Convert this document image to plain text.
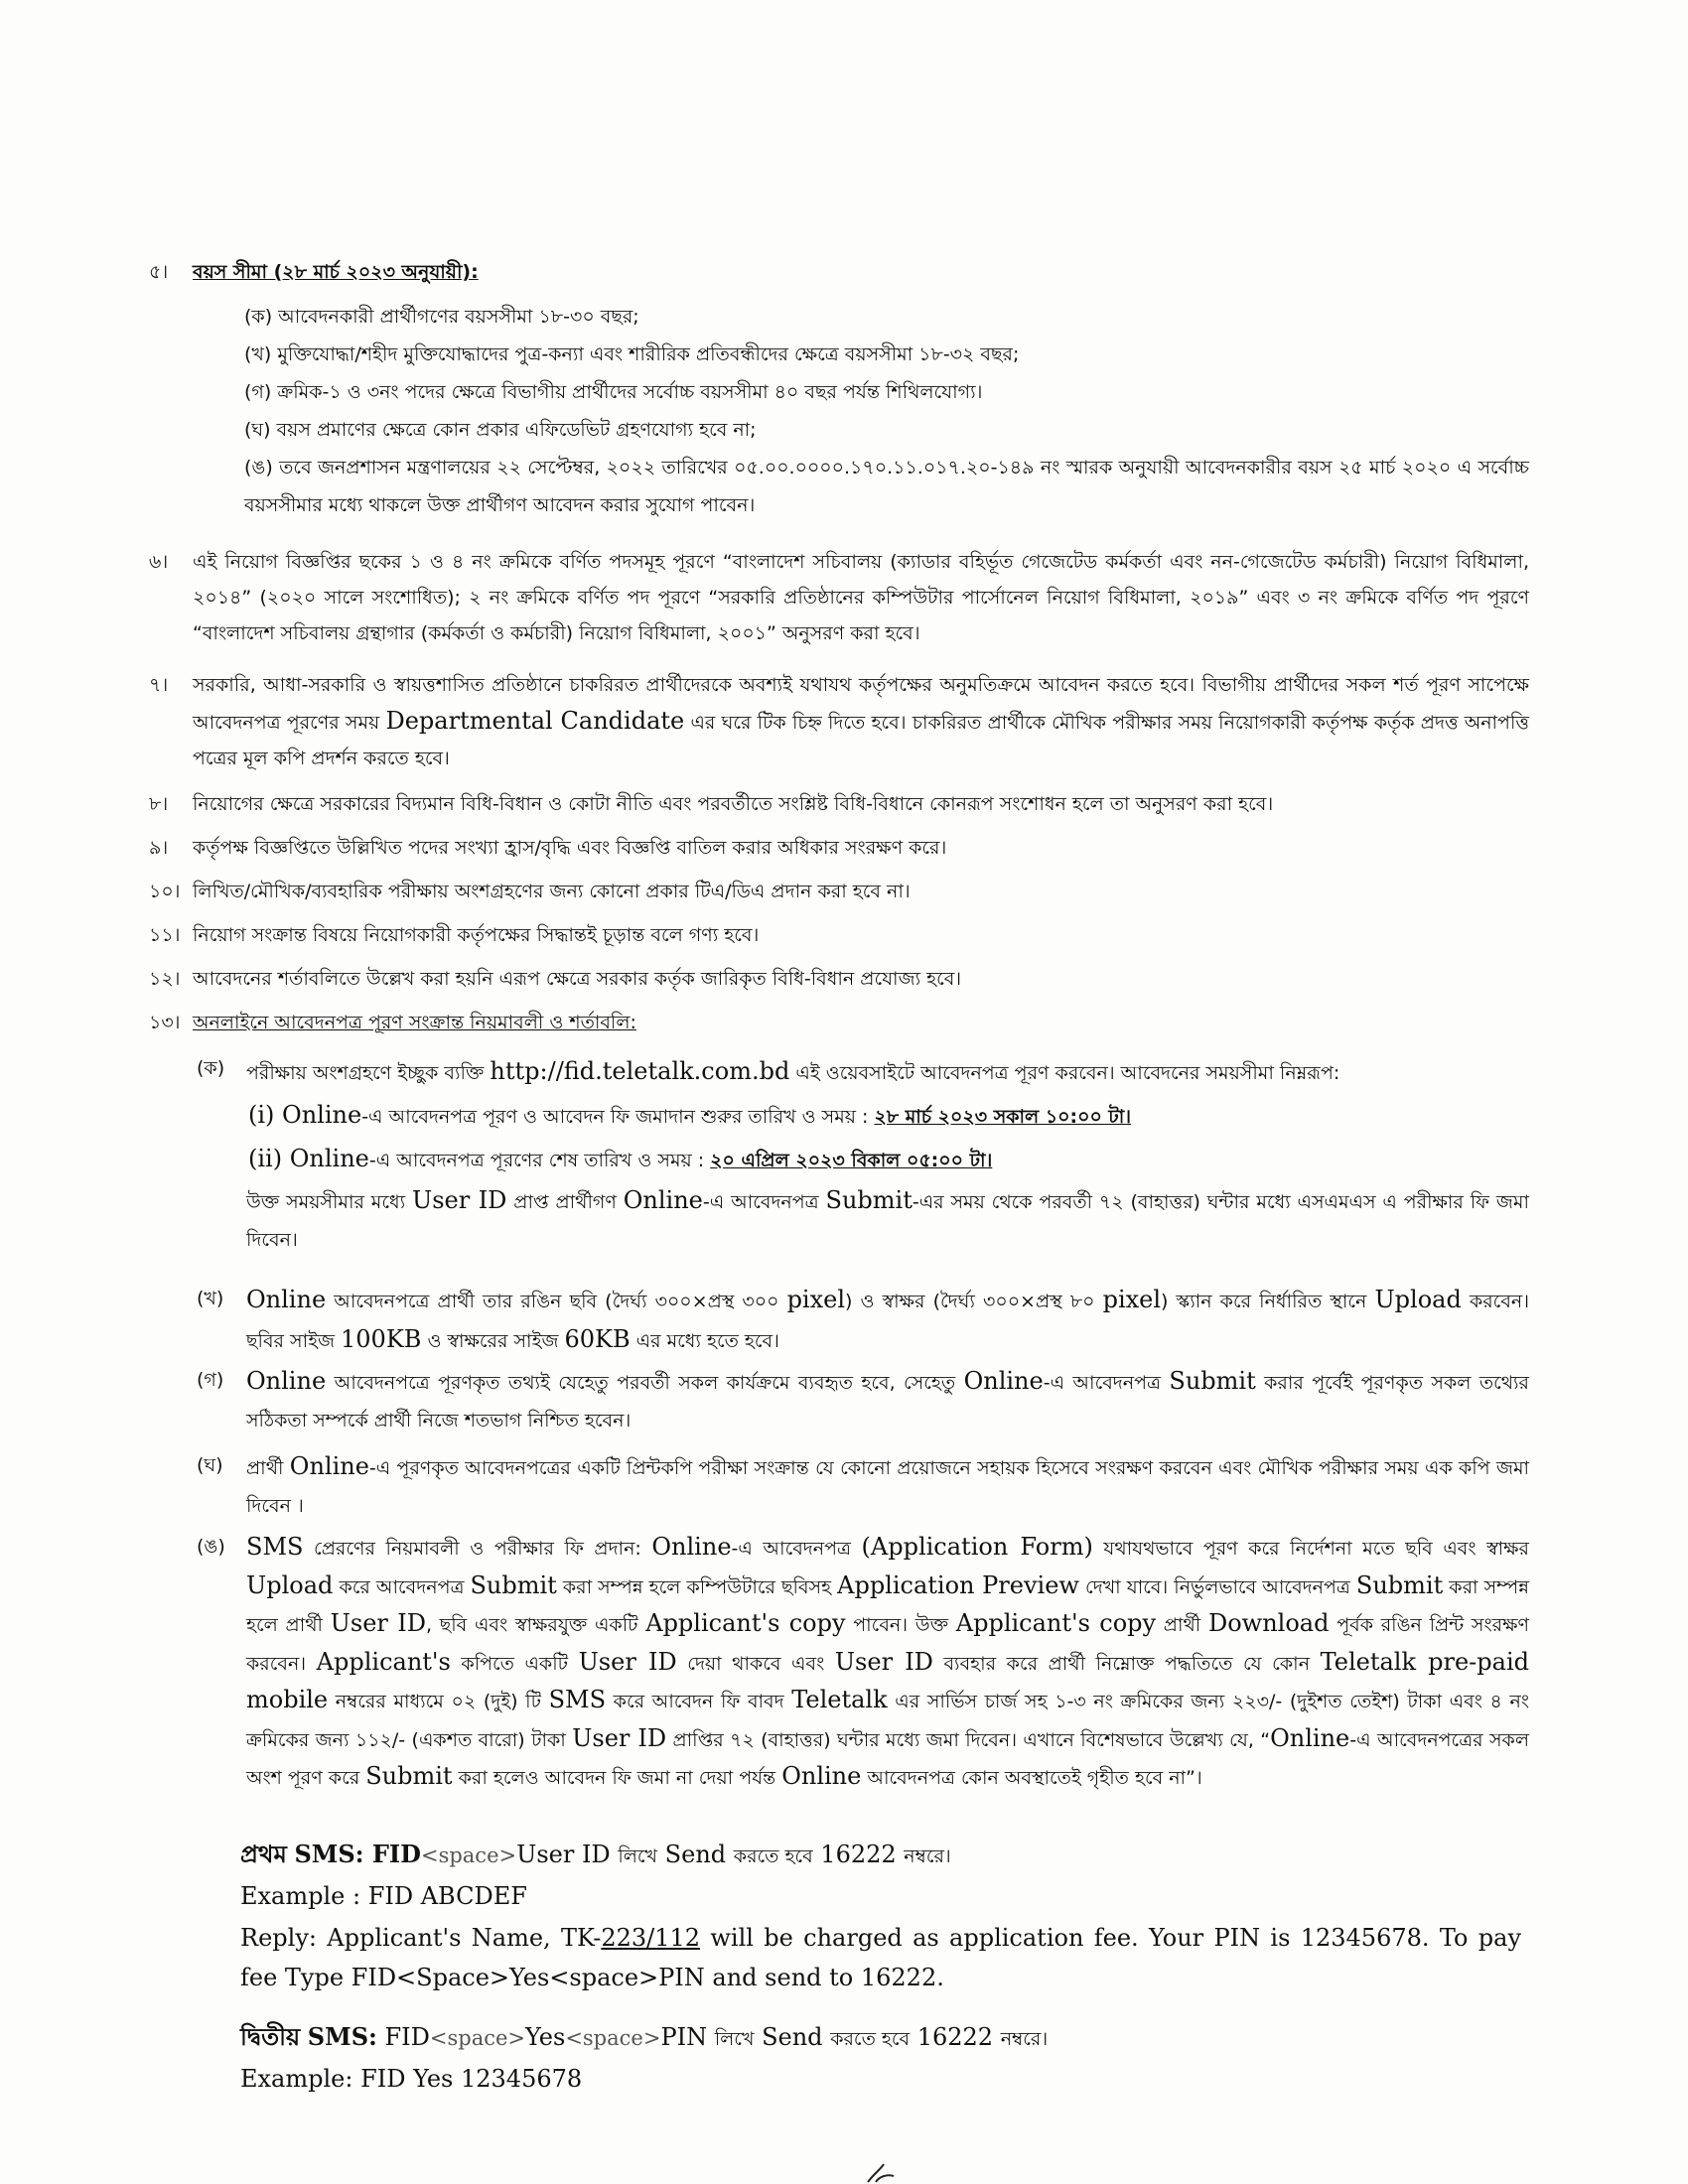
৫।	বয়স সীমা (২৮ মার্চ ২০২৩ অনুযায়ী):
(ক) আবেদনকারী প্রার্থীগণের বয়সসীমা ১৮-৩০ বছর;
(খ) মুক্তিযোদ্ধা/শহীদ মুক্তিযোদ্ধাদের পুত্র-কন্যা এবং শারীরিক প্রতিবন্ধীদের ক্ষেত্রে বয়সসীমা ১৮-৩২ বছর;
(গ) ক্রমিক-১ ও ৩নং পদের ক্ষেত্রে বিভাগীয় প্রার্থীদের সর্বোচ্চ বয়সসীমা ৪০ বছর পর্যন্ত শিথিলযোগ্য।
(ঘ) বয়স প্রমাণের ক্ষেত্রে কোন প্রকার এফিডেভিট গ্রহণযোগ্য হবে না;
(ঙ) তবে জনপ্রশাসন মন্ত্রণালয়ের ২২ সেপ্টেম্বর, ২০২২ তারিখের ০৫.০০.০০০০.১৭০.১১.০১৭.২০-১৪৯ নং স্মারক অনুযায়ী আবেদনকারীর বয়স ২৫ মার্চ ২০২০ এ সর্বোচ্চ বয়সসীমার মধ্যে থাকলে উক্ত প্রার্থীগণ আবেদন করার সুযোগ পাবেন।
৬।	এই নিয়োগ বিজ্ঞপ্তির ছকের ১ ও ৪ নং ক্রমিকে বর্ণিত পদসমূহ পূরণে “বাংলাদেশ সচিবালয় (ক্যাডার বহির্ভূত গেজেটেড কর্মকর্তা এবং নন-গেজেটেড কর্মচারী) নিয়োগ বিধিমালা, ২০১৪” (২০২০ সালে সংশোধিত); ২ নং ক্রমিকে বর্ণিত পদ পূরণে “সরকারি প্রতিষ্ঠানের কম্পিউটার পার্সোনেল নিয়োগ বিধিমালা, ২০১৯” এবং ৩ নং ক্রমিকে বর্ণিত পদ পূরণে “বাংলাদেশ সচিবালয় গ্রন্থাগার (কর্মকর্তা ও কর্মচারী) নিয়োগ বিধিমালা, ২০০১” অনুসরণ করা হবে।
৭।	সরকারি, আধা-সরকারি ও স্বায়ত্তশাসিত প্রতিষ্ঠানে চাকরিরত প্রার্থীদেরকে অবশ্যই যথাযথ কর্তৃপক্ষের অনুমতিক্রমে আবেদন করতে হবে। বিভাগীয় প্রার্থীদের সকল শর্ত পূরণ সাপেক্ষে আবেদনপত্র পূরণের সময় Departmental Candidate এর ঘরে টিক চিহ্ন দিতে হবে। চাকরিরত প্রার্থীকে মৌখিক পরীক্ষার সময় নিয়োগকারী কর্তৃপক্ষ কর্তৃক প্রদত্ত অনাপত্তি পত্রের মূল কপি প্রদর্শন করতে হবে।
৮।	নিয়োগের ক্ষেত্রে সরকারের বিদ্যমান বিধি-বিধান ও কোটা নীতি এবং পরবর্তীতে সংশ্লিষ্ট বিধি-বিধানে কোনরূপ সংশোধন হলে তা অনুসরণ করা হবে।
৯।	কর্তৃপক্ষ বিজ্ঞপ্তিতে উল্লিখিত পদের সংখ্যা হ্রাস/বৃদ্ধি এবং বিজ্ঞপ্তি বাতিল করার অধিকার সংরক্ষণ করে।
১০। লিখিত/মৌখিক/ব্যবহারিক পরীক্ষায় অংশগ্রহণের জন্য কোনো প্রকার টিএ/ডিএ প্রদান করা হবে না।
১১। নিয়োগ সংক্রান্ত বিষয়ে নিয়োগকারী কর্তৃপক্ষের সিদ্ধান্তই চূড়ান্ত বলে গণ্য হবে।
১২। আবেদনের শর্তাবলিতে উল্লেখ করা হয়নি এরূপ ক্ষেত্রে সরকার কর্তৃক জারিকৃত বিধি-বিধান প্রযোজ্য হবে।
১৩। অনলাইনে আবেদনপত্র পূরণ সংক্রান্ত নিয়মাবলী ও শর্তাবলি:
(ক)	পরীক্ষায় অংশগ্রহণে ইচ্ছুক ব্যক্তি http://fid.teletalk.com.bd এই ওয়েবসাইটে আবেদনপত্র পূরণ করবেন। আবেদনের সময়সীমা নিম্নরূপ:
(i) Online-এ আবেদনপত্র পূরণ ও আবেদন ফি জমাদান শুরুর তারিখ ও সময় : ২৮ মার্চ ২০২৩ সকাল ১০:০০ টা।
(ii) Online-এ আবেদনপত্র পূরণের শেষ তারিখ ও সময় : ২০ এপ্রিল ২০২৩ বিকাল ০৫:০০ টা।
উক্ত সময়সীমার মধ্যে User ID প্রাপ্ত প্রার্থীগণ Online-এ আবেদনপত্র Submit-এর সময় থেকে পরবর্তী ৭২ (বাহাত্তর) ঘন্টার মধ্যে এসএমএস এ পরীক্ষার ফি জমা দিবেন।
(খ) Online আবেদনপত্রে প্রার্থী তার রঙিন ছবি (দৈর্ঘ্য ৩০০×প্রস্থ ৩০০ pixel) ও স্বাক্ষর (দৈর্ঘ্য ৩০০×প্রস্থ ৮০ pixel) স্ক্যান করে নির্ধারিত স্থানে Upload করবেন। ছবির সাইজ 100KB ও স্বাক্ষরের সাইজ 60KB এর মধ্যে হতে হবে।
(গ) Online আবেদনপত্রে পূরণকৃত তথ্যই যেহেতু পরবর্তী সকল কার্যক্রমে ব্যবহৃত হবে, সেহেতু Online-এ আবেদনপত্র Submit করার পূর্বেই পূরণকৃত সকল তথ্যের সঠিকতা সম্পর্কে প্রার্থী নিজে শতভাগ নিশ্চিত হবেন।
(ঘ)	প্রার্থী Online-এ পূরণকৃত আবেদনপত্রের একটি প্রিন্টকপি পরীক্ষা সংক্রান্ত যে কোনো প্রয়োজনে সহায়ক হিসেবে সংরক্ষণ করবেন এবং মৌখিক পরীক্ষার সময় এক কপি জমা দিবেন ।
(ঙ) SMS প্রেরণের নিয়মাবলী ও পরীক্ষার ফি প্রদান: Online-এ আবেদনপত্র (Application Form) যথাযথভাবে পূরণ করে নির্দেশনা মতে ছবি এবং স্বাক্ষর Upload করে আবেদনপত্র Submit করা সম্পন্ন হলে কম্পিউটারে ছবিসহ Application Preview দেখা যাবে। নির্ভুলভাবে আবেদনপত্র Submit করা সম্পন্ন হলে প্রার্থী User ID, ছবি এবং স্বাক্ষরযুক্ত একটি Applicant's copy পাবেন। উক্ত Applicant's copy প্রার্থী Download পূর্বক রঙিন প্রিন্ট সংরক্ষণ করবেন। Applicant's কপিতে একটি User ID দেয়া থাকবে এবং User ID ব্যবহার করে প্রার্থী নিম্নোক্ত পদ্ধতিতে যে কোন Teletalk pre-paid mobile নম্বরের মাধ্যমে ০২ (দুই) টি SMS করে আবেদন ফি বাবদ Teletalk এর সার্ভিস চার্জ সহ ১-৩ নং ক্রমিকের জন্য ২২৩/- (দুইশত তেইশ) টাকা এবং ৪ নং ক্রমিকের জন্য ১১২/- (একশত বারো) টাকা User ID প্রাপ্তির ৭২ (বাহাত্তর) ঘন্টার মধ্যে জমা দিবেন। এখানে বিশেষভাবে উল্লেখ্য যে, “Online-এ আবেদনপত্রের সকল অংশ পূরণ করে Submit করা হলেও আবেদন ফি জমা না দেয়া পর্যন্ত Online আবেদনপত্র কোন অবস্থাতেই গৃহীত হবে না”।
প্রথম SMS: FID<space>User ID লিখে Send করতে হবে 16222 নম্বরে।
Example : FID ABCDEF
Reply: Applicant's Name, TK-223/112 will be charged as application fee. Your PIN is 12345678. To pay fee Type FID<Space>Yes<space>PIN and send to 16222.
দ্বিতীয় SMS: FID<space>Yes<space>PIN লিখে Send করতে হবে 16222 নম্বরে।
Example: FID Yes 12345678
